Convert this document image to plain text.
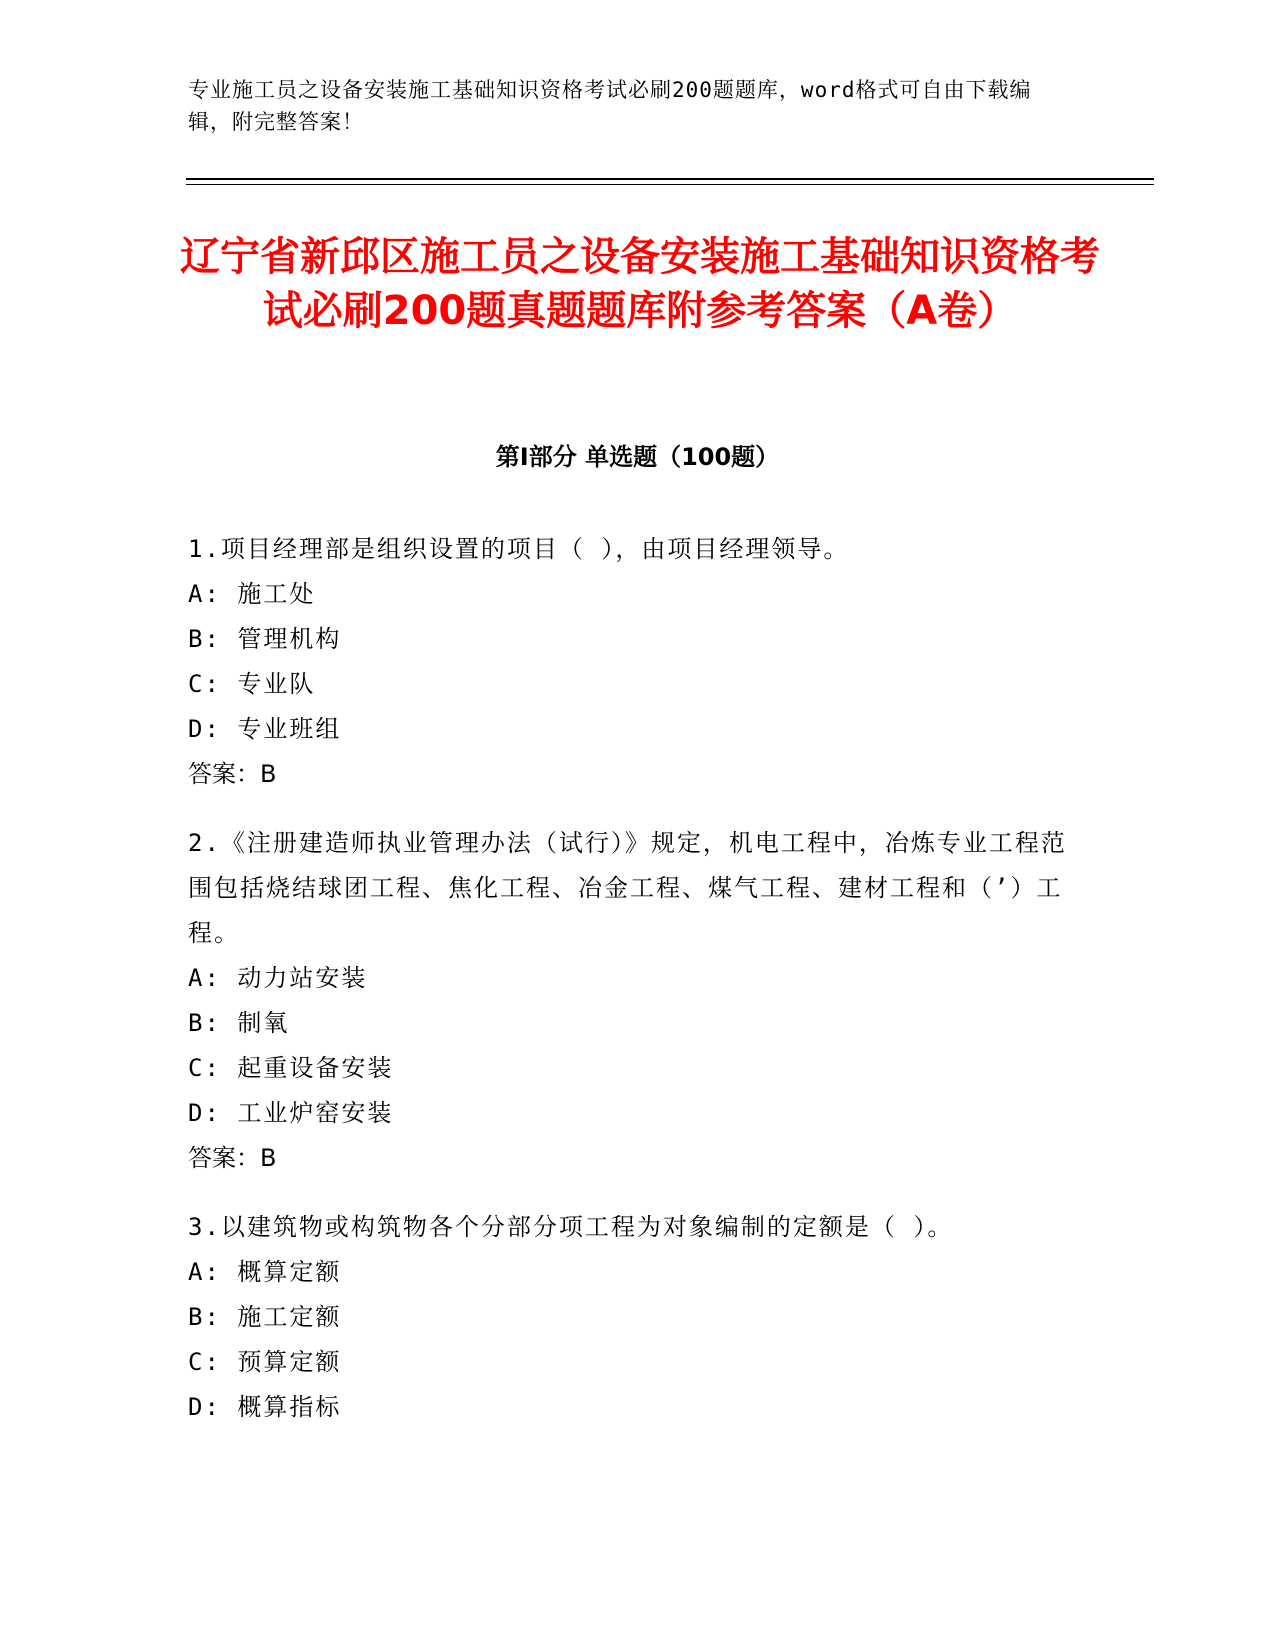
专业施工员之设备安装施工基础知识资格考试必刷200题题库，word格式可自由下载编辑，附完整答案！
辽宁省新邱区施工员之设备安装施工基础知识资格考试必刷200题真题题库附参考答案（A卷）
第Ⅰ部分 单选题（100题）

1.项目经理部是组织设置的项目（ ），由项目经理领导。

A: 施工处

B: 管理机构

C: 专业队

D: 专业班组

答案：B

2.《注册建造师执业管理办法（试行）》规定，机电工程中，冶炼专业工程范围包括烧结球团工程、焦化工程、冶金工程、煤气工程、建材工程和（’）工程。

A: 动力站安装

B: 制氧

C: 起重设备安装

D: 工业炉窑安装

答案：B

3.以建筑物或构筑物各个分部分项工程为对象编制的定额是（ ）。

A: 概算定额

B: 施工定额

C: 预算定额

D: 概算指标
